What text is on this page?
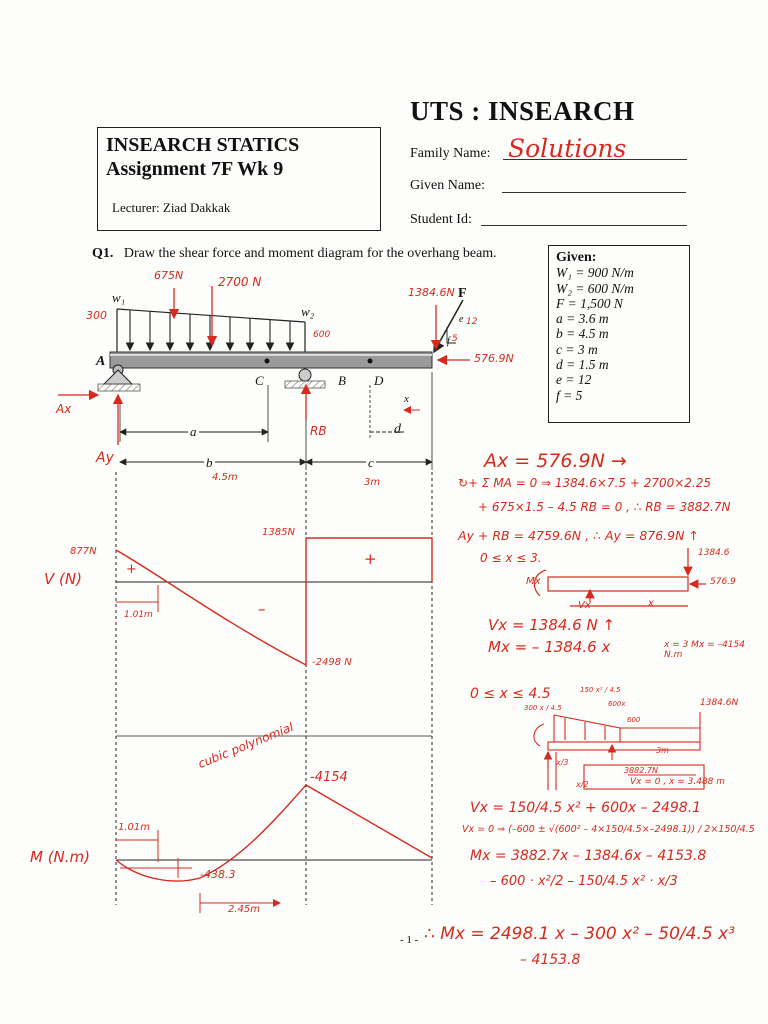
UTS : INSEARCH
INSEARCH STATICS
Assignment 7F Wk 9
Lecturer: Ziad Dakkak
Family Name: Solutions
Given Name:
Student Id:
Q1. Draw the shear force and moment diagram for the overhang beam.	Given:
W₁ = 900 N/m
W₂ = 600 N/m
F = 1,500 N
a = 3.6 m
b = 4.5 m
c = 3 m
d = 1.5 m
e = 12
f = 5
w₁
w₂
F
A
C	B D
a
b	c
d
x
e
f
675N	2700 N
300
600
1384.6N
576.9N
12
5
Ax
Ay
RB
4.5m	3m
V (N)
877N
1385N
-2498 N
1.01m
+
+
–
M (N.m)
-4154
-438.3
1.01m
2.45m
cubic polynomial
Ax = 576.9N →
↻+ Σ MA = 0 ⇒ 1384.6×7.5 + 2700×2.25
+ 675×1.5 – 4.5 RB = 0 , ∴ RB = 3882.7N
Ay + RB = 4759.6N , ∴ Ay = 876.9N ↑
0 ≤ x ≤ 3.	1384.6
576.9
Mx
Vx	x
Vx = 1384.6 N ↑
Mx = – 1384.6 x	x = 3 Mx = –4154 N.m
0 ≤ x ≤ 4.5	150 x² / 4.5
600x
300 x / 4.5	1384.6N
3882.7N
3m
x/2
x/3
600
Vx = 0 , x = 3.488 m
Vx = 150/4.5 x² + 600x – 2498.1
Vx = 0 ⇒ (–600 ± √(600² – 4×150/4.5×–2498.1)) / 2×150/4.5
Mx = 3882.7x – 1384.6x – 4153.8
– 600 · x²/2 – 150/4.5 x² · x/3
∴ Mx = 2498.1 x – 300 x² – 50/4.5 x³
– 4153.8
- 1 -
